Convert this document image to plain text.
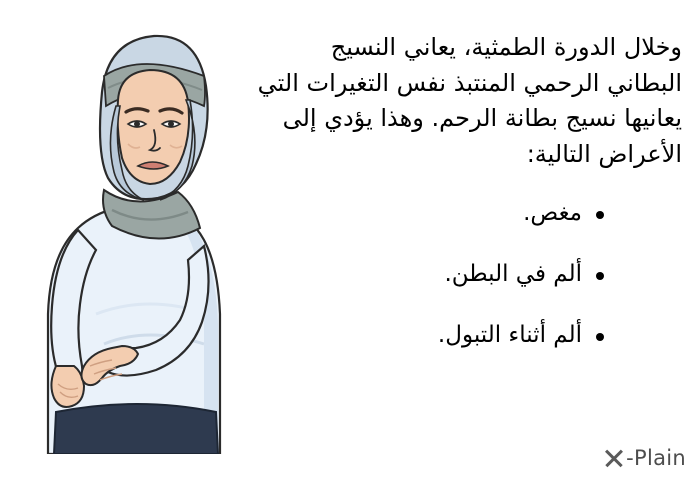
وخلال الدورة الطمثية، يعاني النسيج البطاني الرحمي المنتبذ نفس التغيرات التي يعانيها نسيج بطانة الرحم. وهذا يؤدي إلى الأعراض التالية:

مغص.
ألم في البطن.
ألم أثناء التبول.
-Plain
